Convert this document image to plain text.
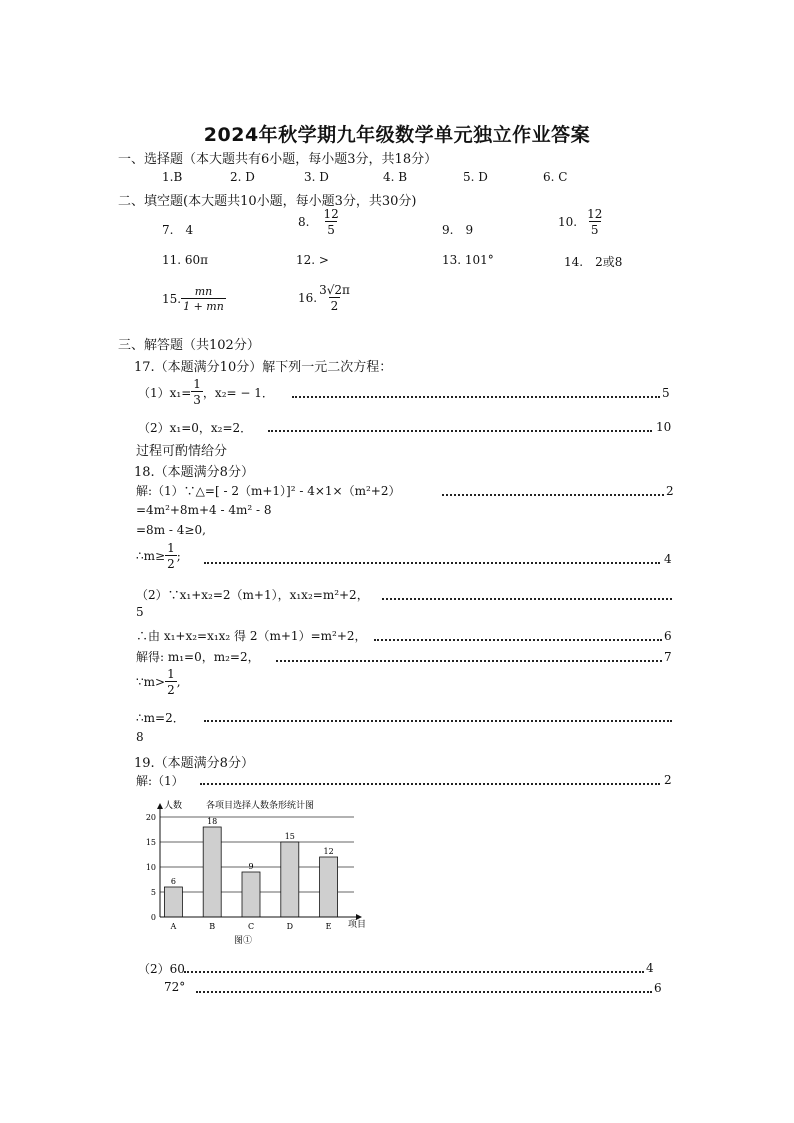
2024年秋学期九年级数学单元独立作业答案
一、选择题（本大题共有6小题，每小题3分，共18分）
1.B	2. D	3. D	4. B	5. D	6. C
二、填空题(本大题共10小题，每小题3分，共30分)
7.　4
8. $\frac{12}{5}$	9.　9
10. $\frac{12}{5}$
11. 60π	12. >	13. 101°	14.　2或8
15. $\frac{mn}{1 + mn}$	16. $\frac{3√2\pi}{2}$
三、解答题（共102分）
17.（本题满分10分）解下列一元二次方程：
$(1)x_1= \frac{1}{3}$ ，x₂= − 1．	5
（2）x₁=0，x₂=2．	10
过程可酌情给分
18.（本题满分8分）
解:（1）∵△=[ - 2（m+1）]² - 4×1×（m²+2）	2
=4m²+8m+4 - 4m² - 8
=8m - 4≥0,
∴m≥ $\frac{1}{2}$ ;	4
（2）∵x₁+x₂=2（m+1），x₁x₂=m²+2，
5
∴由 x₁+x₂=x₁x₂ 得 2（m+1）=m²+2，	6
解得: m₁=0，m₂=2，	7
∵m> $\frac{1}{2}$ ,
∴m=2．
8
19.（本题满分8分）
解:（1）	2
人数	各项目选择人数条形统计图
项目
图①
6
18
9
15
12
0
5
10
15
20
A	B	C	D	E
（2）60	4
72°	6
